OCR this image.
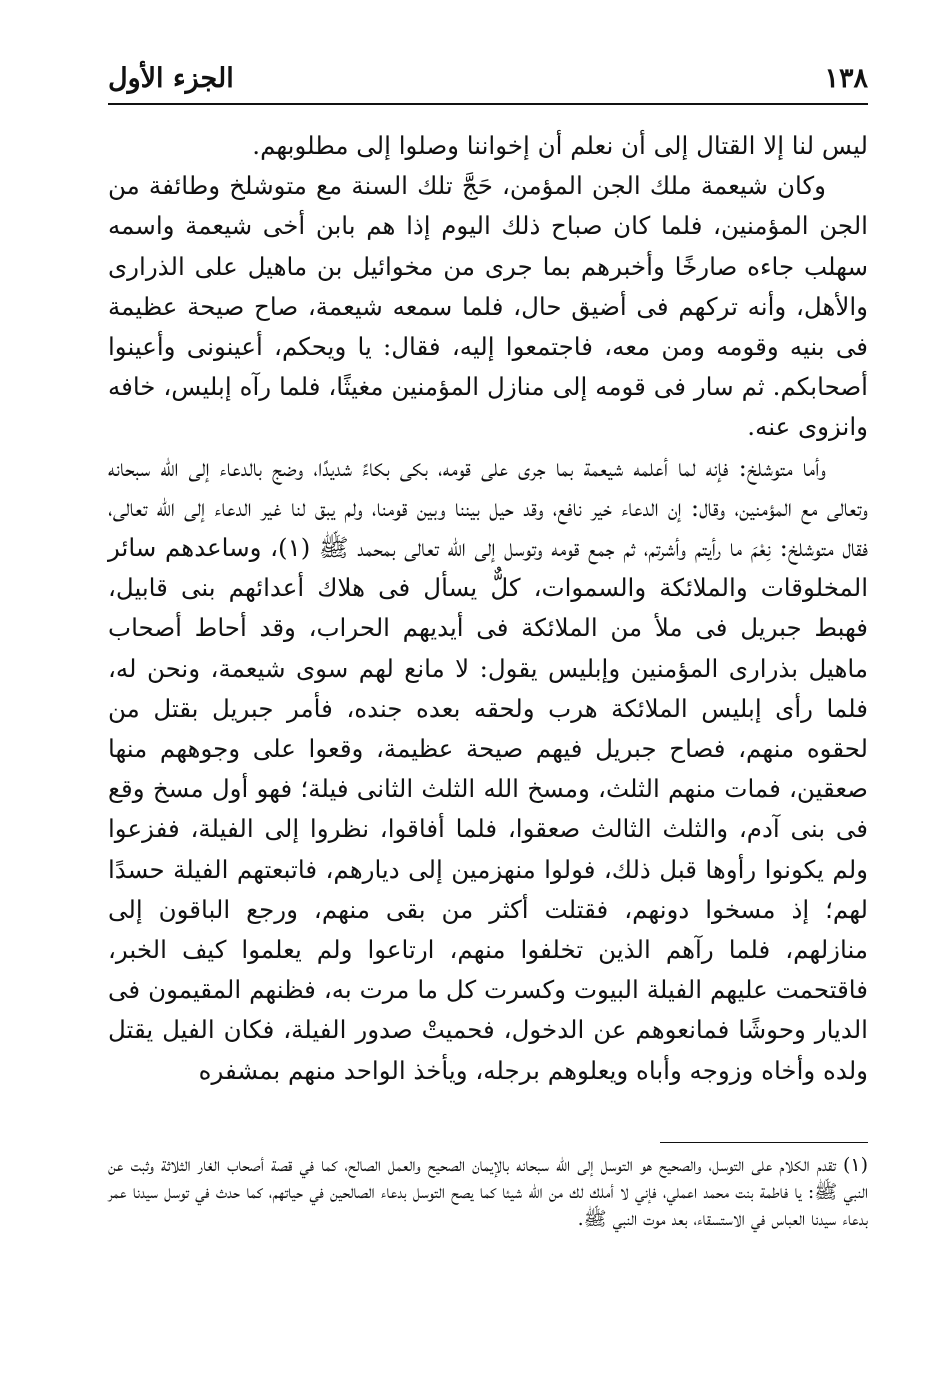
١٣٨
الجزء الأول

ليس لنا إلا القتال إلى أن نعلم أن إخواننا وصلوا إلى مطلوبهم.

وكان شيعمة ملك الجن المؤمن، حَجَّ تلك السنة مع متوشلخ وطائفة من الجن المؤمنين، فلما كان صباح ذلك اليوم إذا هم بابن أخى شيعمة واسمه سهلب جاءه صارخًا وأخبرهم بما جرى من مخوائيل بن ماهيل على الذرارى والأهل، وأنه تركهم فى أضيق حال، فلما سمعه شيعمة، صاح صيحة عظيمة فى بنيه وقومه ومن معه، فاجتمعوا إليه، فقال: يا ويحكم، أعينونى وأعينوا أصحابكم. ثم سار فى قومه إلى منازل المؤمنين مغيثًا، فلما رآه إبليس، خافه وانزوى عنه.

وأما متوشلخ: فإنه لما أعلمه شيعمة بما جرى على قومه، بكى بكاءً شديدًا، وضج بالدعاء إلى الله سبحانه وتعالى مع المؤمنين، وقال: إن الدعاء خير نافع، وقد حيل بيننا وبين قومنا، ولم يبق لنا غير الدعاء إلى الله تعالى، فقال متوشلخ: نِعْمَ ما رأيتم وأشرتم، ثم جمع قومه وتوسل إلى الله تعالى بمحمد ﷺ (١)، وساعدهم سائر المخلوقات والملائكة والسموات، كلٌّ يسأل فى هلاك أعدائهم بنى قابيل، فهبط جبريل فى ملأ من الملائكة فى أيديهم الحراب، وقد أحاط أصحاب ماهيل بذرارى المؤمنين وإبليس يقول: لا مانع لهم سوى شيعمة، ونحن له، فلما رأى إبليس الملائكة هرب ولحقه بعده جنده، فأمر جبريل بقتل من لحقوه منهم، فصاح جبريل فيهم صيحة عظيمة، وقعوا على وجوههم منها صعقين، فمات منهم الثلث، ومسخ الله الثلث الثانى فيلة؛ فهو أول مسخ وقع فى بنى آدم، والثلث الثالث صعقوا، فلما أفاقوا، نظروا إلى الفيلة، ففزعوا ولم يكونوا رأوها قبل ذلك، فولوا منهزمين إلى ديارهم، فاتبعتهم الفيلة حسدًا لهم؛ إذ مسخوا دونهم، فقتلت أكثر من بقى منهم، ورجع الباقون إلى منازلهم، فلما رآهم الذين تخلفوا منهم، ارتاعوا ولم يعلموا كيف الخبر، فاقتحمت عليهم الفيلة البيوت وكسرت كل ما مرت به، فظنهم المقيمون فى الديار وحوشًا فمانعوهم عن الدخول، فحميتْ صدور الفيلة، فكان الفيل يقتل ولده وأخاه وزوجه وأباه ويعلوهم برجله، ويأخذ الواحد منهم بمشفره

(١) تقدم الكلام على التوسل، والصحيح هو التوسل إلى الله سبحانه بالإيمان الصحيح والعمل الصالح، كما في قصة أصحاب الغار الثلاثة وثبت عن النبي ﷺ: يا فاطمة بنت محمد اعملي، فإني لا أملك لك من الله شيئا كما يصح التوسل بدعاء الصالحين في حياتهم، كما حدث في توسل سيدنا عمر بدعاء سيدنا العباس في الاستسقاء، بعد موت النبي ﷺ.
